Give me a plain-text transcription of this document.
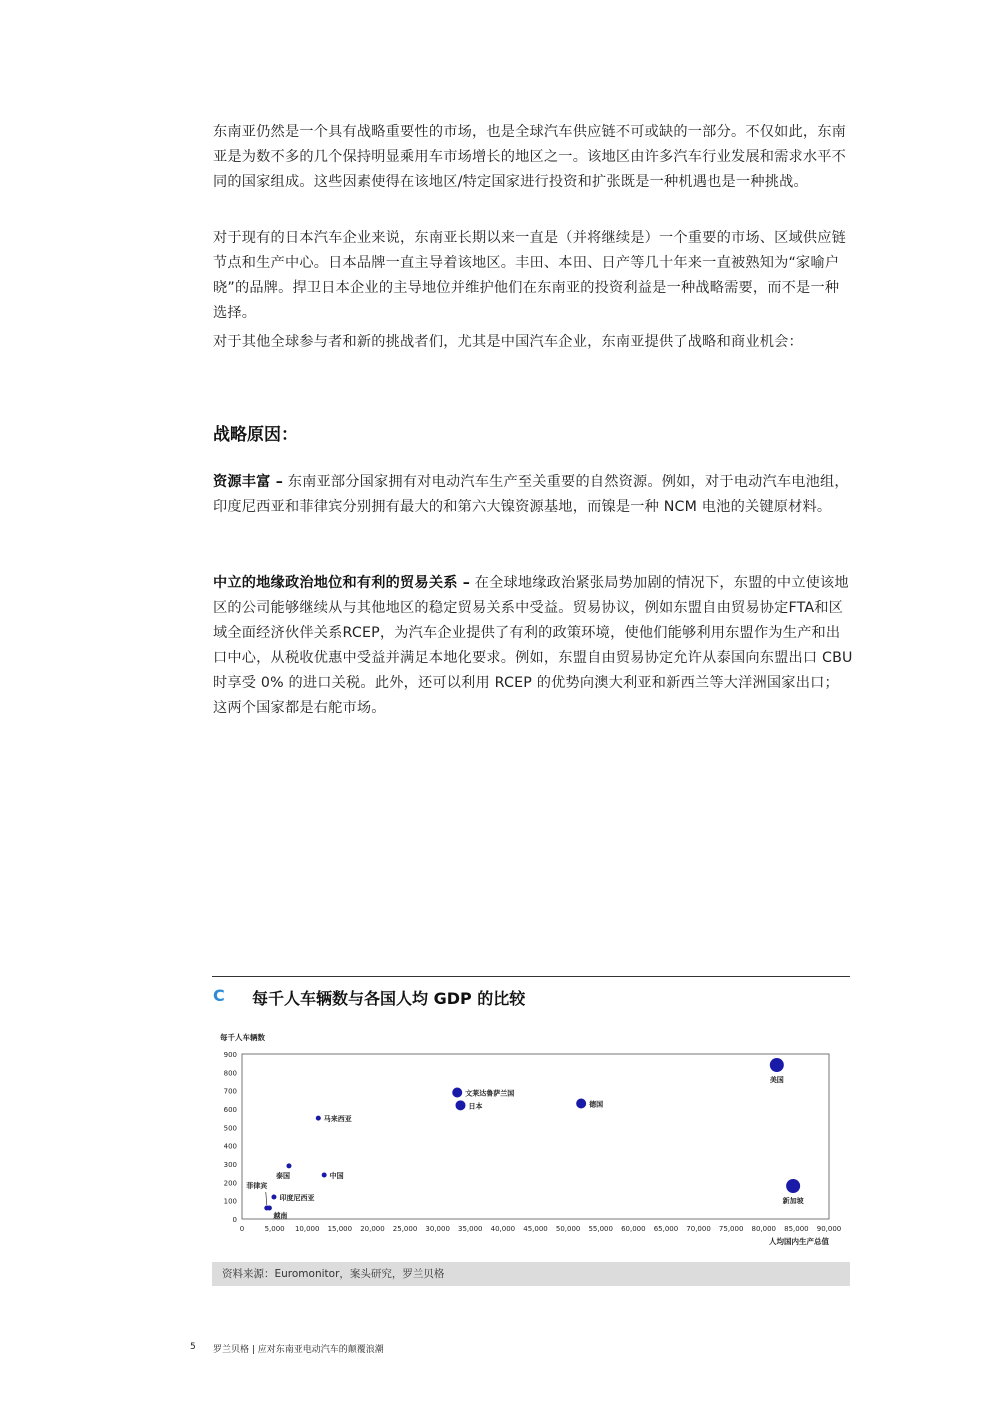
东南亚仍然是一个具有战略重要性的市场，也是全球汽车供应链不可或缺的一部分。不仅如此，东南亚是为数不多的几个保持明显乘用车市场增长的地区之一。该地区由许多汽车行业发展和需求水平不同的国家组成。这些因素使得在该地区/特定国家进行投资和扩张既是一种机遇也是一种挑战。

对于现有的日本汽车企业来说，东南亚长期以来一直是（并将继续是）一个重要的市场、区域供应链节点和生产中心。日本品牌一直主导着该地区。丰田、本田、日产等几十年来一直被熟知为“家喻户晓”的品牌。捍卫日本企业的主导地位并维护他们在东南亚的投资利益是一种战略需要，而不是一种选择。

对于其他全球参与者和新的挑战者们，尤其是中国汽车企业，东南亚提供了战略和商业机会：

战略原因：

资源丰富 – 东南亚部分国家拥有对电动汽车生产至关重要的自然资源。例如，对于电动汽车电池组，印度尼西亚和菲律宾分别拥有最大的和第六大镍资源基地，而镍是一种 NCM 电池的关键原材料。

中立的地缘政治地位和有利的贸易关系 – 在全球地缘政治紧张局势加剧的情况下，东盟的中立使该地区的公司能够继续从与其他地区的稳定贸易关系中受益。贸易协议，例如东盟自由贸易协定FTA和区域全面经济伙伴关系RCEP，为汽车企业提供了有利的政策环境，使他们能够利用东盟作为生产和出口中心，从税收优惠中受益并满足本地化要求。例如，东盟自由贸易协定允许从泰国向东盟出口 CBU 时享受 0% 的进口关税。此外，还可以利用 RCEP 的优势向澳大利亚和新西兰等大洋洲国家出口；这两个国家都是右舵市场。

C 每千人车辆数与各国人均 GDP 的比较
每千人车辆数
0
100
200
300
400
500
600
700
800
900
0	5,000 10,000 15,000 20,000 25,000 30,000 35,000 40,000 45,000 50,000 55,000 60,000 65,000 70,000 75,000 80,000 85,000 90,000
人均国内生产总值
美国
新加坡
德国
文莱达鲁萨兰国
日本
马来西亚
中国
泰国
菲律宾
印度尼西亚
越南
资料来源：Euromonitor，案头研究，罗兰贝格
5 罗兰贝格 | 应对东南亚电动汽车的颠覆浪潮
